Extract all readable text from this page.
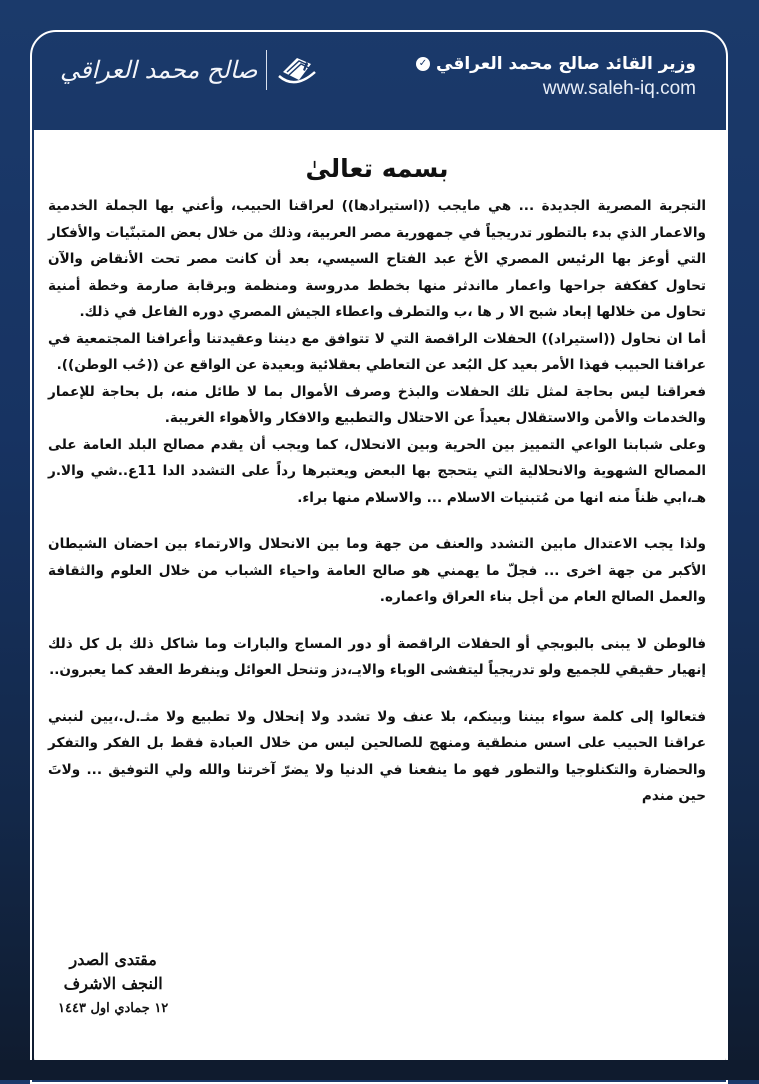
وزير القائد صالح محمد العراقي
✓
www.saleh-iq.com
صالح محمد العراقي
بسمه تعالىٰ

التجربة المصرية الجديدة ... هي مايجب ((استيرادها)) لعراقنا الحبيب، وأعني بها الجملة الخدمية والاعمار الذي بدء بالتطور تدريجياً في جمهورية مصر العربية، وذلك من خلال بعض المتبنّيات والأفكار التي أوعز بها الرئيس المصري الأخ عبد الفتاح السيسي، بعد أن كانت مصر تحت الأنقاض والآن تحاول كفكفة جراحها واعمار مااندثر منها بخطط مدروسة ومنظمة وبرقابة صارمة وخطة أمنية تحاول من خلالها إبعاد شبح الا ر ها ،ب والتطرف واعطاء الجيش المصري دوره الفاعل في ذلك.

أما ان نحاول ((استيراد)) الحفلات الراقصة التي لا تتوافق مع ديننا وعقيدتنا وأعرافنا المجتمعية في عراقنا الحبيب فهذا الأمر بعيد كل البُعد عن التعاطي بعقلائية وبعيدة عن الواقع عن ((حُب الوطن)).

فعراقنا ليس بحاجة لمثل تلك الحفلات والبذخ وصرف الأموال بما لا طائل منه، بل بحاجة للإعمار والخدمات والأمن والاستقلال بعيداً عن الاحتلال والتطبيع والافكار والأهواء الغريبة.

وعلى شبابنا الواعي التمييز بين الحرية وبين الانحلال، كما ويجب أن يقدم مصالح البلد العامة على المصالح الشهوية والانحلالية التي يتحجج بها البعض ويعتبرها رداً على التشدد الدا 11ع..شي والا.ر هـ،ابي ظناً منه انها من مُتبنيات الاسلام ... والاسلام منها براء.

ولذا يجب الاعتدال مابين التشدد والعنف من جهة وما بين الانحلال والارتماء بين احضان الشيطان الأكبر من جهة اخرى ... فجلّ ما يهمني هو صالح العامة واحياء الشباب من خلال العلوم والثقافة والعمل الصالح العام من أجل بناء العراق واعماره.

فالوطن لا يبنى بالبوبجي أو الحفلات الراقصة أو دور المساج والبارات وما شاكل ذلك بل كل ذلك إنهيار حقيقي للجميع ولو تدريجياً ليتفشى الوباء والايـ،دز وتنحل العوائل وينفرط العقد كما يعبرون..

فتعالوا إلى كلمة سواء بيننا وبينكم، بلا عنف ولا تشدد ولا إنحلال ولا تطبيع ولا مثـ.ل.،يين لنبني عراقنا الحبيب على اسس منطقية ومنهج للصالحين ليس من خلال العبادة فقط بل الفكر والتفكر والحضارة والتكنلوجيا والتطور فهو ما ينفعنا في الدنيا ولا يضرّ آخرتنا والله ولي التوفيق ... ولاتَ حين مندم

مقتدى الصدر
النجف الاشرف
١٢ جمادي اول ١٤٤٣
